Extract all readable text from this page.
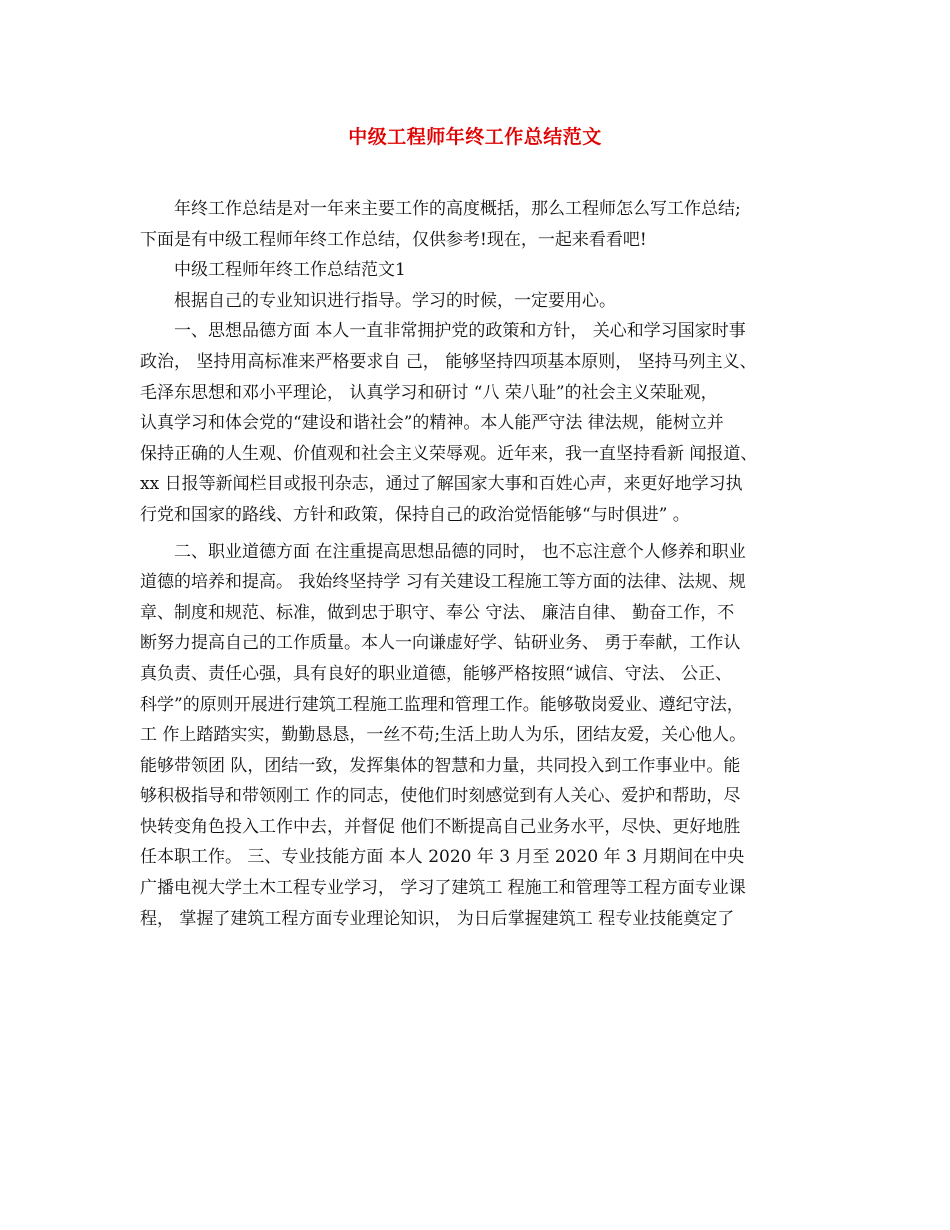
中级工程师年终工作总结范文
年终工作总结是对一年来主要工作的高度概括，那么工程师怎么写工作总结;
下面是有中级工程师年终工作总结，仅供参考!现在，一起来看看吧!
中级工程师年终工作总结范文1
根据自己的专业知识进行指导。学习的时候，一定要用心。
一、思想品德方面 本人一直非常拥护党的政策和方针， 关心和学习国家时事
政治， 坚持用高标准来严格要求自 己， 能够坚持四项基本原则， 坚持马列主义、
毛泽东思想和邓小平理论， 认真学习和研讨 “八 荣八耻”的社会主义荣耻观，
认真学习和体会党的“建设和谐社会”的精神。本人能严守法 律法规，能树立并
保持正确的人生观、价值观和社会主义荣辱观。近年来，我一直坚持看新 闻报道、
xx 日报等新闻栏目或报刊杂志，通过了解国家大事和百姓心声，来更好地学习执
行党和国家的路线、方针和政策，保持自己的政治觉悟能够“与时俱进” 。
二、职业道德方面 在注重提高思想品德的同时， 也不忘注意个人修养和职业
道德的培养和提高。 我始终坚持学 习有关建设工程施工等方面的法律、法规、规
章、制度和规范、标准，做到忠于职守、奉公 守法、 廉洁自律、 勤奋工作，不
断努力提高自己的工作质量。本人一向谦虚好学、钻研业务、 勇于奉献，工作认
真负责、责任心强，具有良好的职业道德，能够严格按照“诚信、守法、 公正、
科学”的原则开展进行建筑工程施工监理和管理工作。能够敬岗爱业、遵纪守法，
工 作上踏踏实实，勤勤恳恳，一丝不苟;生活上助人为乐，团结友爱，关心他人。
能够带领团 队，团结一致，发挥集体的智慧和力量，共同投入到工作事业中。能
够积极指导和带领刚工 作的同志，使他们时刻感觉到有人关心、爱护和帮助，尽
快转变角色投入工作中去，并督促 他们不断提高自己业务水平，尽快、更好地胜
任本职工作。 三、专业技能方面 本人 2020 年 3 月至 2020 年 3 月期间在中央
广播电视大学土木工程专业学习， 学习了建筑工 程施工和管理等工程方面专业课
程， 掌握了建筑工程方面专业理论知识， 为日后掌握建筑工 程专业技能奠定了
